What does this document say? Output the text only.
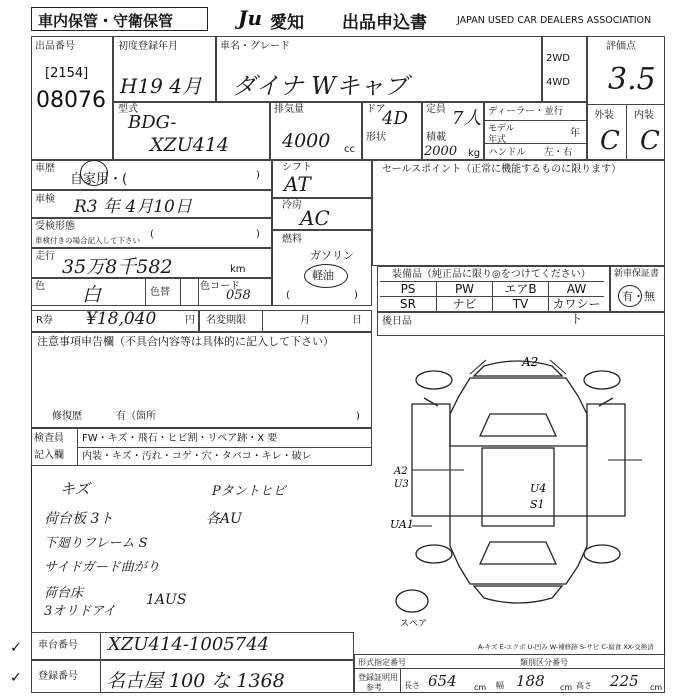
車内保管・守衛保管	Ju 愛知 出品申込書	JAPAN USED CAR DEALERS ASSOCIATION
出品番号
[2154]
08076
初度登録年月
H19 4月
車名・グレード
ダイナ Wキャブ
2WD
4WD
評価点
3.5
外装 内装
C C
型式
BDG-
XZU414
排気量
4000 cc
ドア
4D
形状
定員 7人
積載
2000 kg
ディーラー・並行
モデル年式
年
ハンドル 左・右
車歴
自家用・(	)
車検 R3 年 4月10日
受検形態
車検付きの場合記入して下さい
(	)
走行 35万8千582	km
色 白	色替
色コード
058
シフト
AT
冷房
AC
燃料
ガソリン
軽油
(	)
セールスポイント（正常に機能するものに限ります）
装備品（純正品に限り◎をつけてください）
PS	PW	エアB	AW
SR	ナビ	TV	カワシート
新車保証書
有・無
R券 ¥18,040	円 名変期限	月	日 後日品
注意事項申告欄（不具合内容等は具体的に記入して下さい）
修復歴	有（箇所	)
検査員
記入欄
FW・キズ・飛石・ヒビ割・リペア跡・X 要
内装・キズ・汚れ・コゲ・穴・タバコ・キレ・破レ
キズ	Pタントヒビ
荷台板 3ト	各AU
下廻りフレーム S
サイドガード曲がり
荷台床
3オリドアイ
1AUS
A2
A2
U3
UA1
U4
S1
スペア
A-キズ E-エクボ U-凹み W-補修跡 S-サビ C-腐食 XX-交換済
車台番号 XZU414-1005744
登録番号 名古屋 100 な 1368
形式指定番号	類別区分番号
登録証明用
参考	長さ 654 cm 幅 188 cm 高さ 225 cm
✓
✓
